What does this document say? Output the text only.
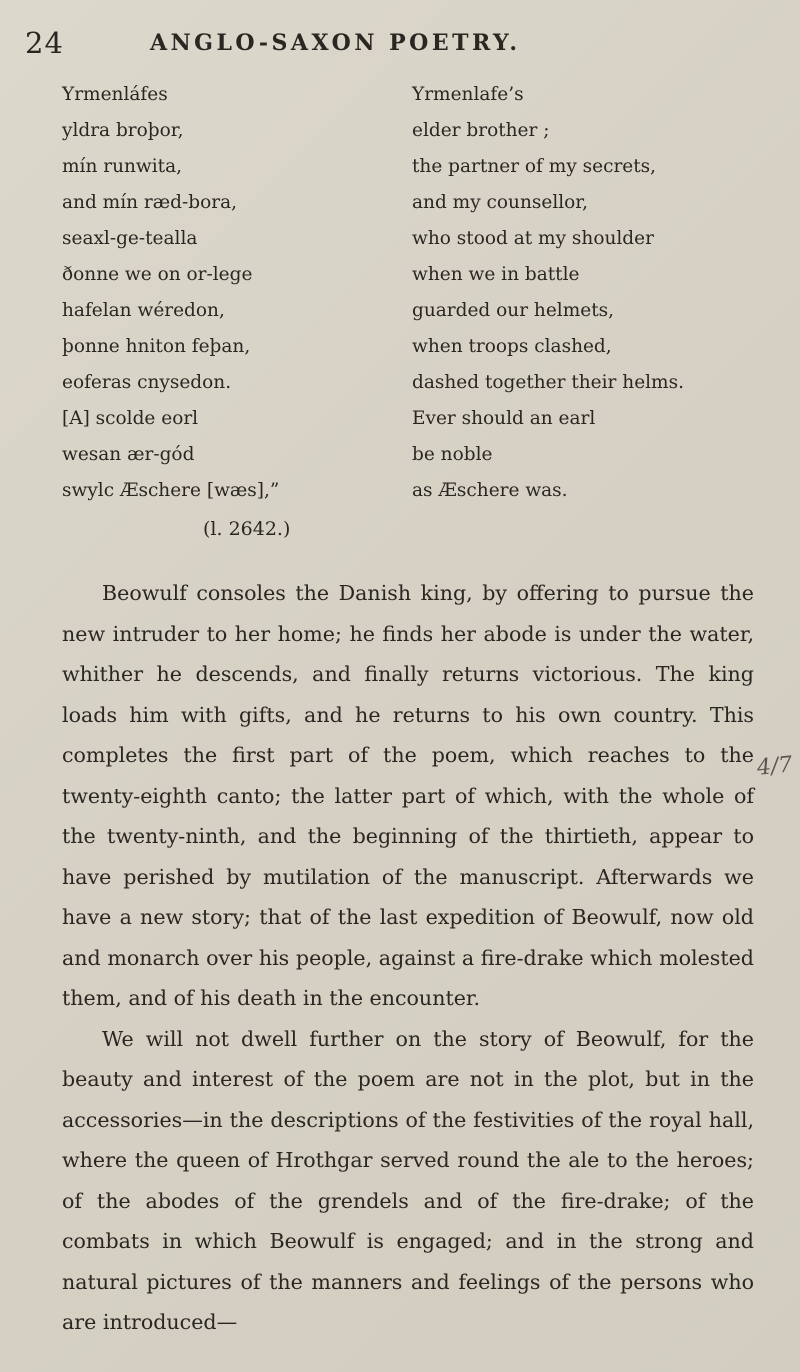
24	ANGLO-SAXON POETRY.
Yrmenláfes	Yrmenlafe’s
yldra broþor,	elder brother ;
mín runwita,	the partner of my secrets,
and mín ræd-bora,	and my counsellor,
seaxl-ge-tealla	who stood at my shoulder
ðonne we on or-lege	when we in battle
hafelan wéredon,	guarded our helmets,
þonne hniton feþan,	when troops clashed,
eoferas cnysedon.	dashed together their helms.
[A] scolde eorl	Ever should an earl
wesan ær-gód	be noble
swylc Æschere [wæs],”	as Æschere was.
(l. 2642.)

Beowulf consoles the Danish king, by offering to pursue the new intruder to her home; he finds her abode is under the water, whither he descends, and finally returns victorious. The king loads him with gifts, and he returns to his own country. This completes the first part of the poem, which reaches to the twenty-eighth canto; the latter part of which, with the whole of the twenty-ninth, and the beginning of the thirtieth, appear to have perished by mutilation of the manuscript. Afterwards we have a new story; that of the last expedition of Beowulf, now old and monarch over his people, against a fire-drake which molested them, and of his death in the encounter.

We will not dwell further on the story of Beowulf, for the beauty and interest of the poem are not in the plot, but in the accessories—in the descriptions of the festivities of the royal hall, where the queen of Hrothgar served round the ale to the heroes; of the abodes of the grendels and of the fire-drake; of the combats in which Beowulf is engaged; and in the strong and natural pictures of the manners and feelings of the persons who are introduced—

4/7
